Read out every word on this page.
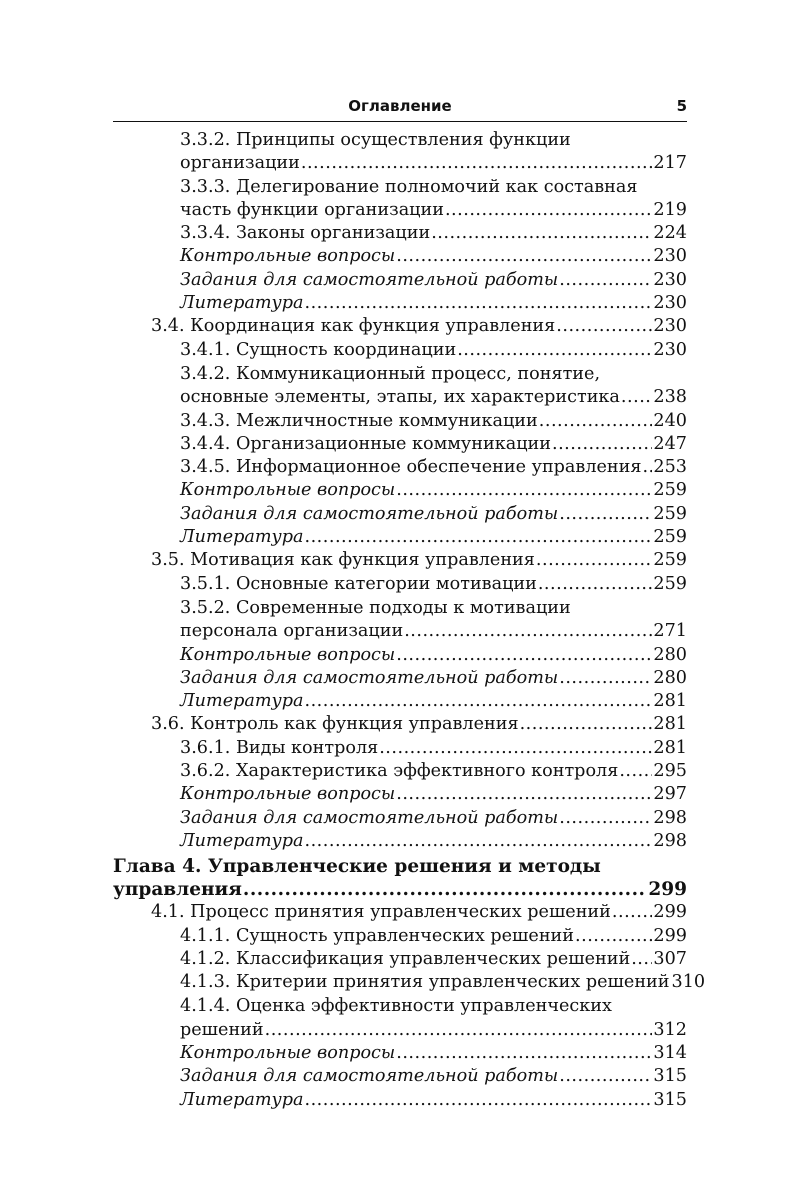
Оглавление	5
3.3.2. Принципы осуществления функции
организации .....	217
3.3.3. Делегирование полномочий как составная
часть функции организации .....	219
3.3.4. Законы организации .....	224
Контрольные вопросы .....	230
Задания для самостоятельной работы .....	230
Литература .....	230
3.4. Координация как функция управления .....	230
3.4.1. Сущность координации .....	230
3.4.2. Коммуникационный процесс, понятие,
основные элементы, этапы, их характеристика ..... 238
3.4.3. Межличностные коммуникации .....	240
3.4.4. Организационные коммуникации .....	247
3.4.5. Информационное обеспечение управления ..... 253
Контрольные вопросы .....	259
Задания для самостоятельной работы .....	259
Литература .....	259
3.5. Мотивация как функция управления .....	259
3.5.1. Основные категории мотивации .....	259
3.5.2. Современные подходы к мотивации
персонала организации .....	271
Контрольные вопросы .....	280
Задания для самостоятельной работы .....	280
Литература .....	281
3.6. Контроль как функция управления .....	281
3.6.1. Виды контроля .....	281
3.6.2. Характеристика эффективного контроля ..... 295
Контрольные вопросы .....	297
Задания для самостоятельной работы .....	298
Литература .....	298
Глава 4. Управленческие решения и методы
управления .....	299
4.1. Процесс принятия управленческих решений ..... 299
4.1.1. Сущность управленческих решений .....	299
4.1.2. Классификация управленческих решений ..... 307
4.1.3. Критерии принятия управленческих решений 310
4.1.4. Оценка эффективности управленческих
решений .....	312
Контрольные вопросы .....	314
Задания для самостоятельной работы .....	315
Литература .....	315
